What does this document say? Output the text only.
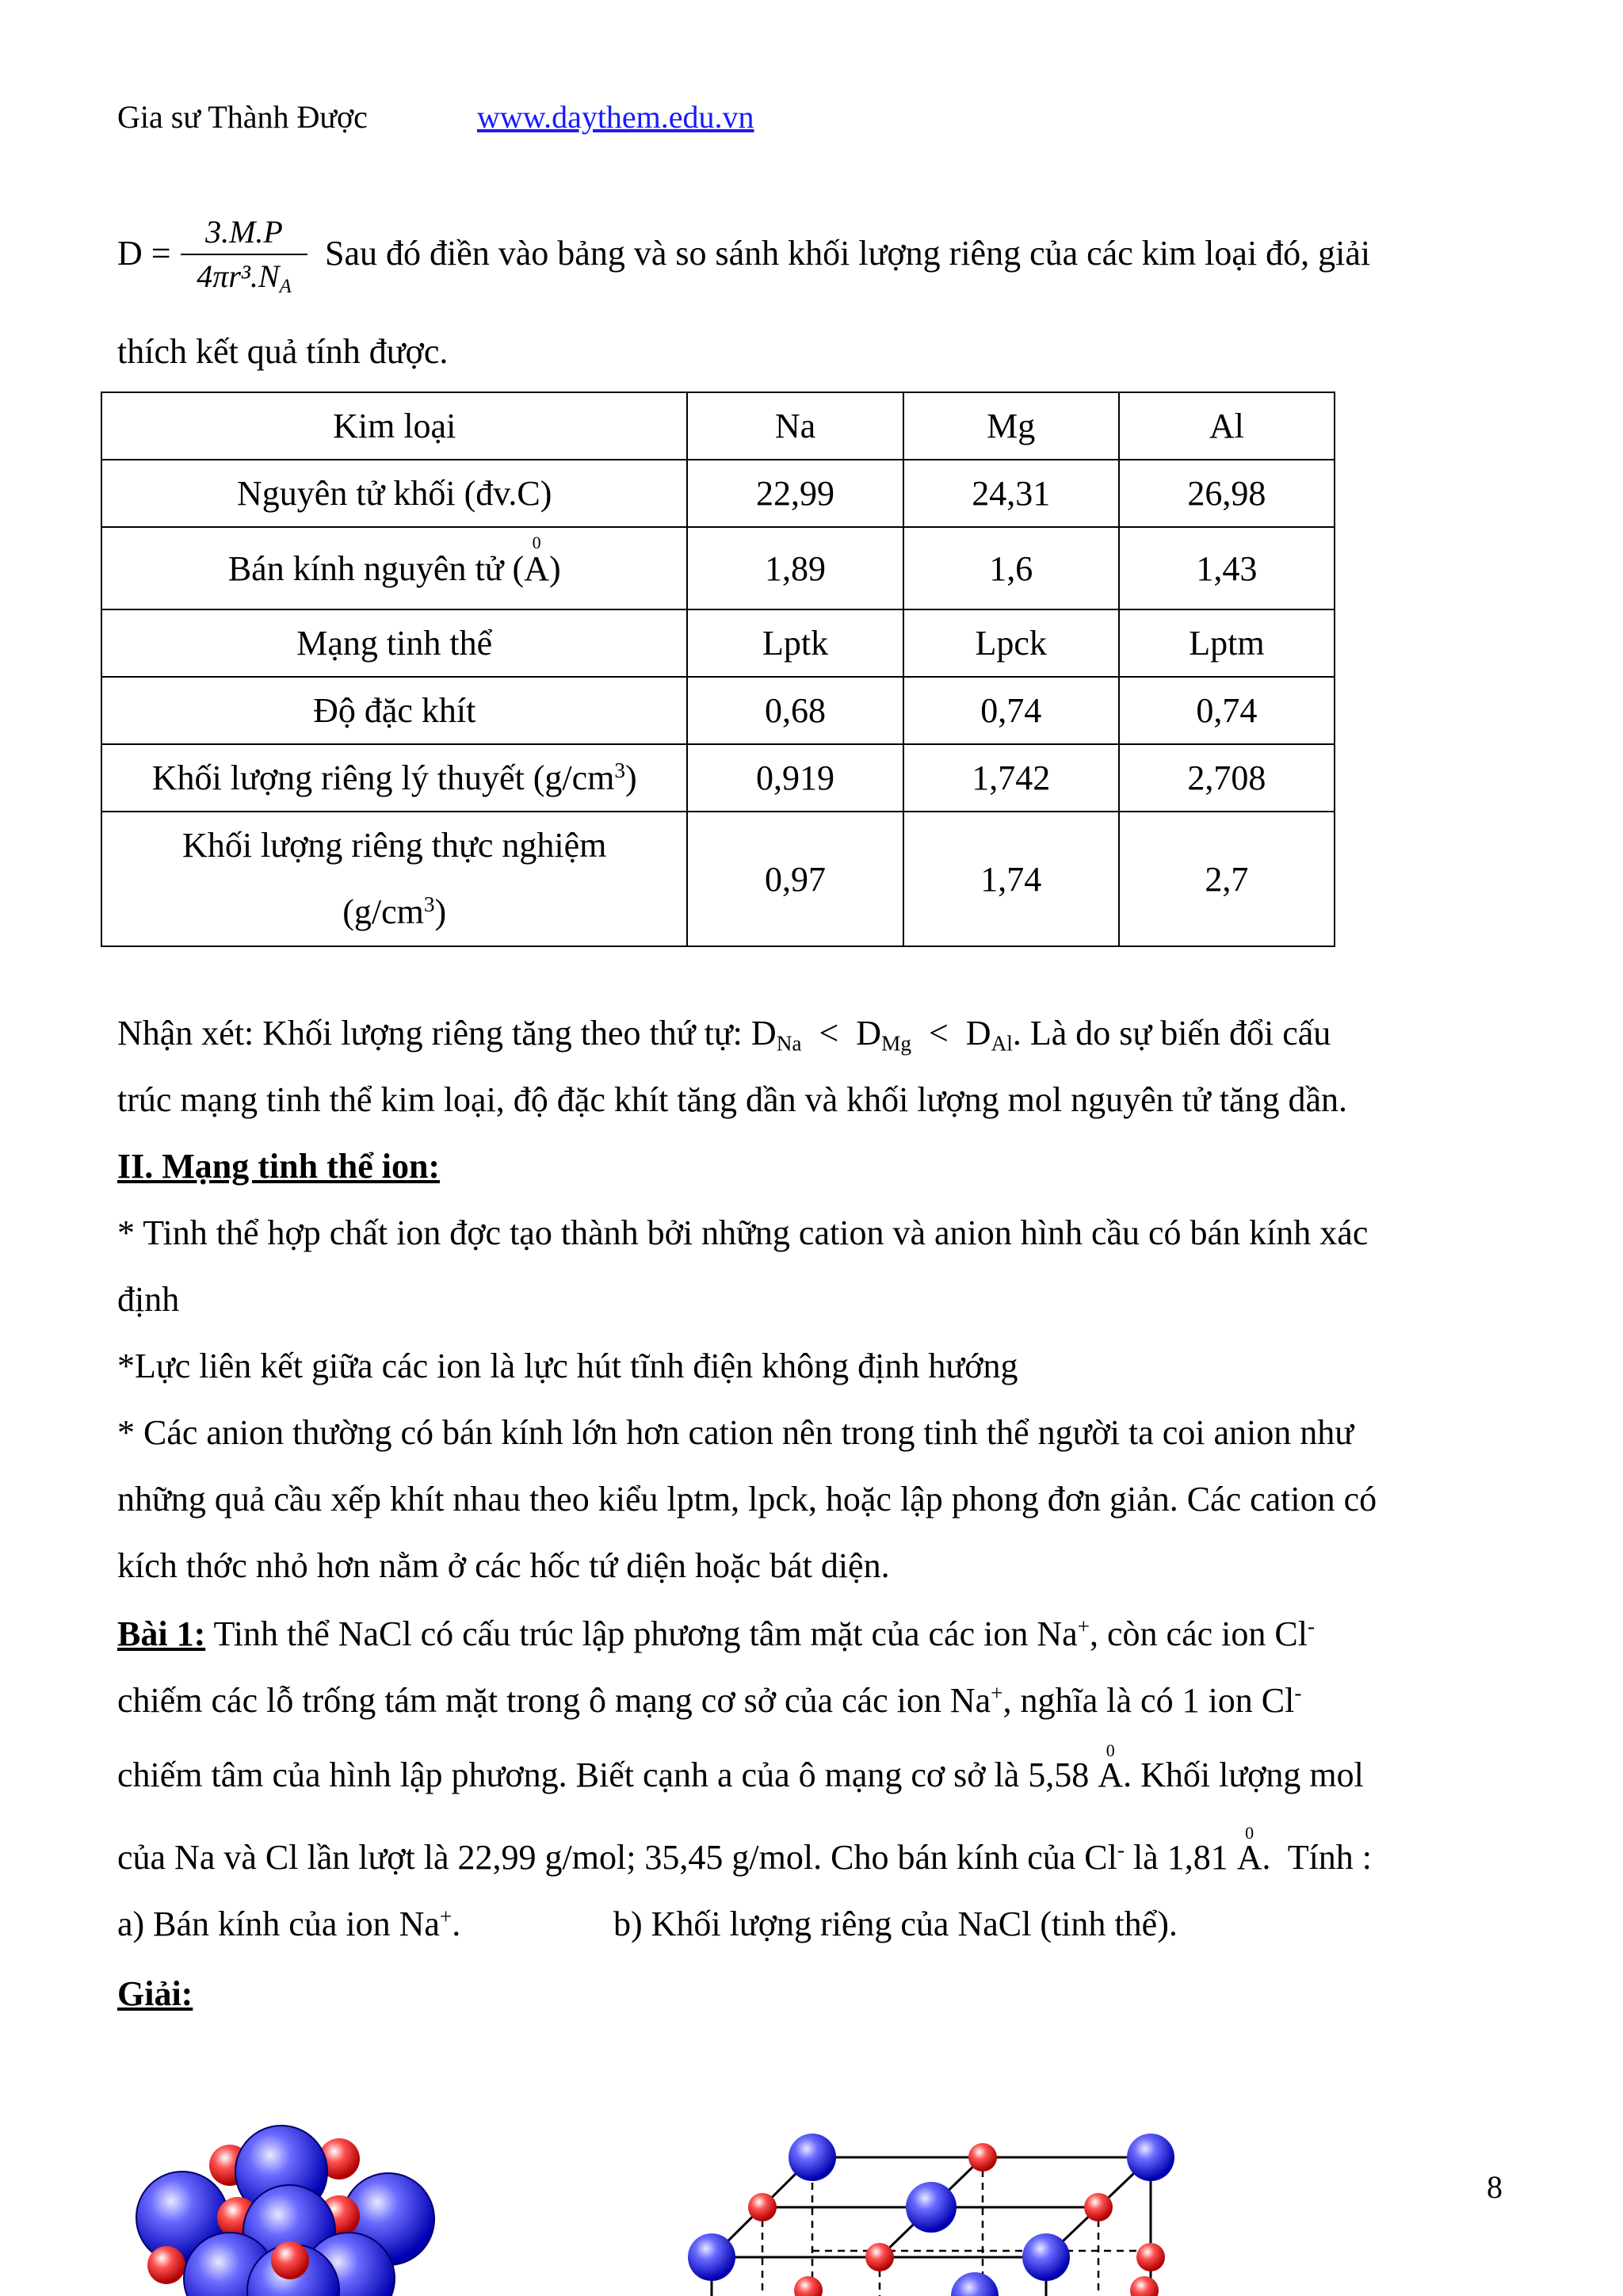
Gia sư Thành Được	www.daythem.edu.vn
D =
3.M.P
$4\pi r^3.N_A$
Sau đó điền vào bảng và so sánh khối lượng riêng của các kim loại đó, giải
thích kết quả tính được.
Kim loại	Na	Mg	Al
Nguyên tử khối (đv.C)	22,99	24,31	26,98
Bán kính nguyên tử (
0
A)	1,89	1,6	1,43
Mạng tinh thể	Lptk	Lpck	Lptm
Độ đặc khít	0,68	0,74	0,74
Khối lượng riêng lý thuyết $(g/cm^3)$	0,919	1,742	2,708
Khối lượng riêng thực nghiệm
$(g/cm^3)$	0,97	1,74	2,7
Nhận xét: Khối lượng riêng tăng theo thứ tự: $D_{Na} < D_{Mg} < D_{Al}$. Là do sự biến đổi cấu
trúc mạng tinh thể kim loại, độ đặc khít tăng dần và khối lượng mol nguyên tử tăng dần.
II. Mạng tinh thể ion:
* Tinh thể hợp chất ion đợc tạo thành bởi những cation và anion hình cầu có bán kính xác
định
*Lực liên kết giữa các ion là lực hút tĩnh điện không định hướng
* Các anion thường có bán kính lớn hơn cation nên trong tinh thể người ta coi anion như
những quả cầu xếp khít nhau theo kiểu lptm, lpck, hoặc lập phong đơn giản. Các cation có
kích thớc nhỏ hơn nằm ở các hốc tứ diện hoặc bát diện.
Bài 1: Tinh thể NaCl có cấu trúc lập phương tâm mặt của các ion Na+, còn các ion Cl-
chiếm các lỗ trống tám mặt trong ô mạng cơ sở của các ion Na+, nghĩa là có 1 ion Cl-
chiếm tâm của hình lập phương. Biết cạnh a của ô mạng cơ sở là 5,58
0
A. Khối lượng mol
của Na và Cl lần lượt là 22,99 g/mol; 35,45 g/mol. Cho bán kính của Cl- là 1,81
0
A.  Tính :
a) Bán kính của ion Na+.	b) Khối lượng riêng của NaCl (tinh thể).
Giải:
8
